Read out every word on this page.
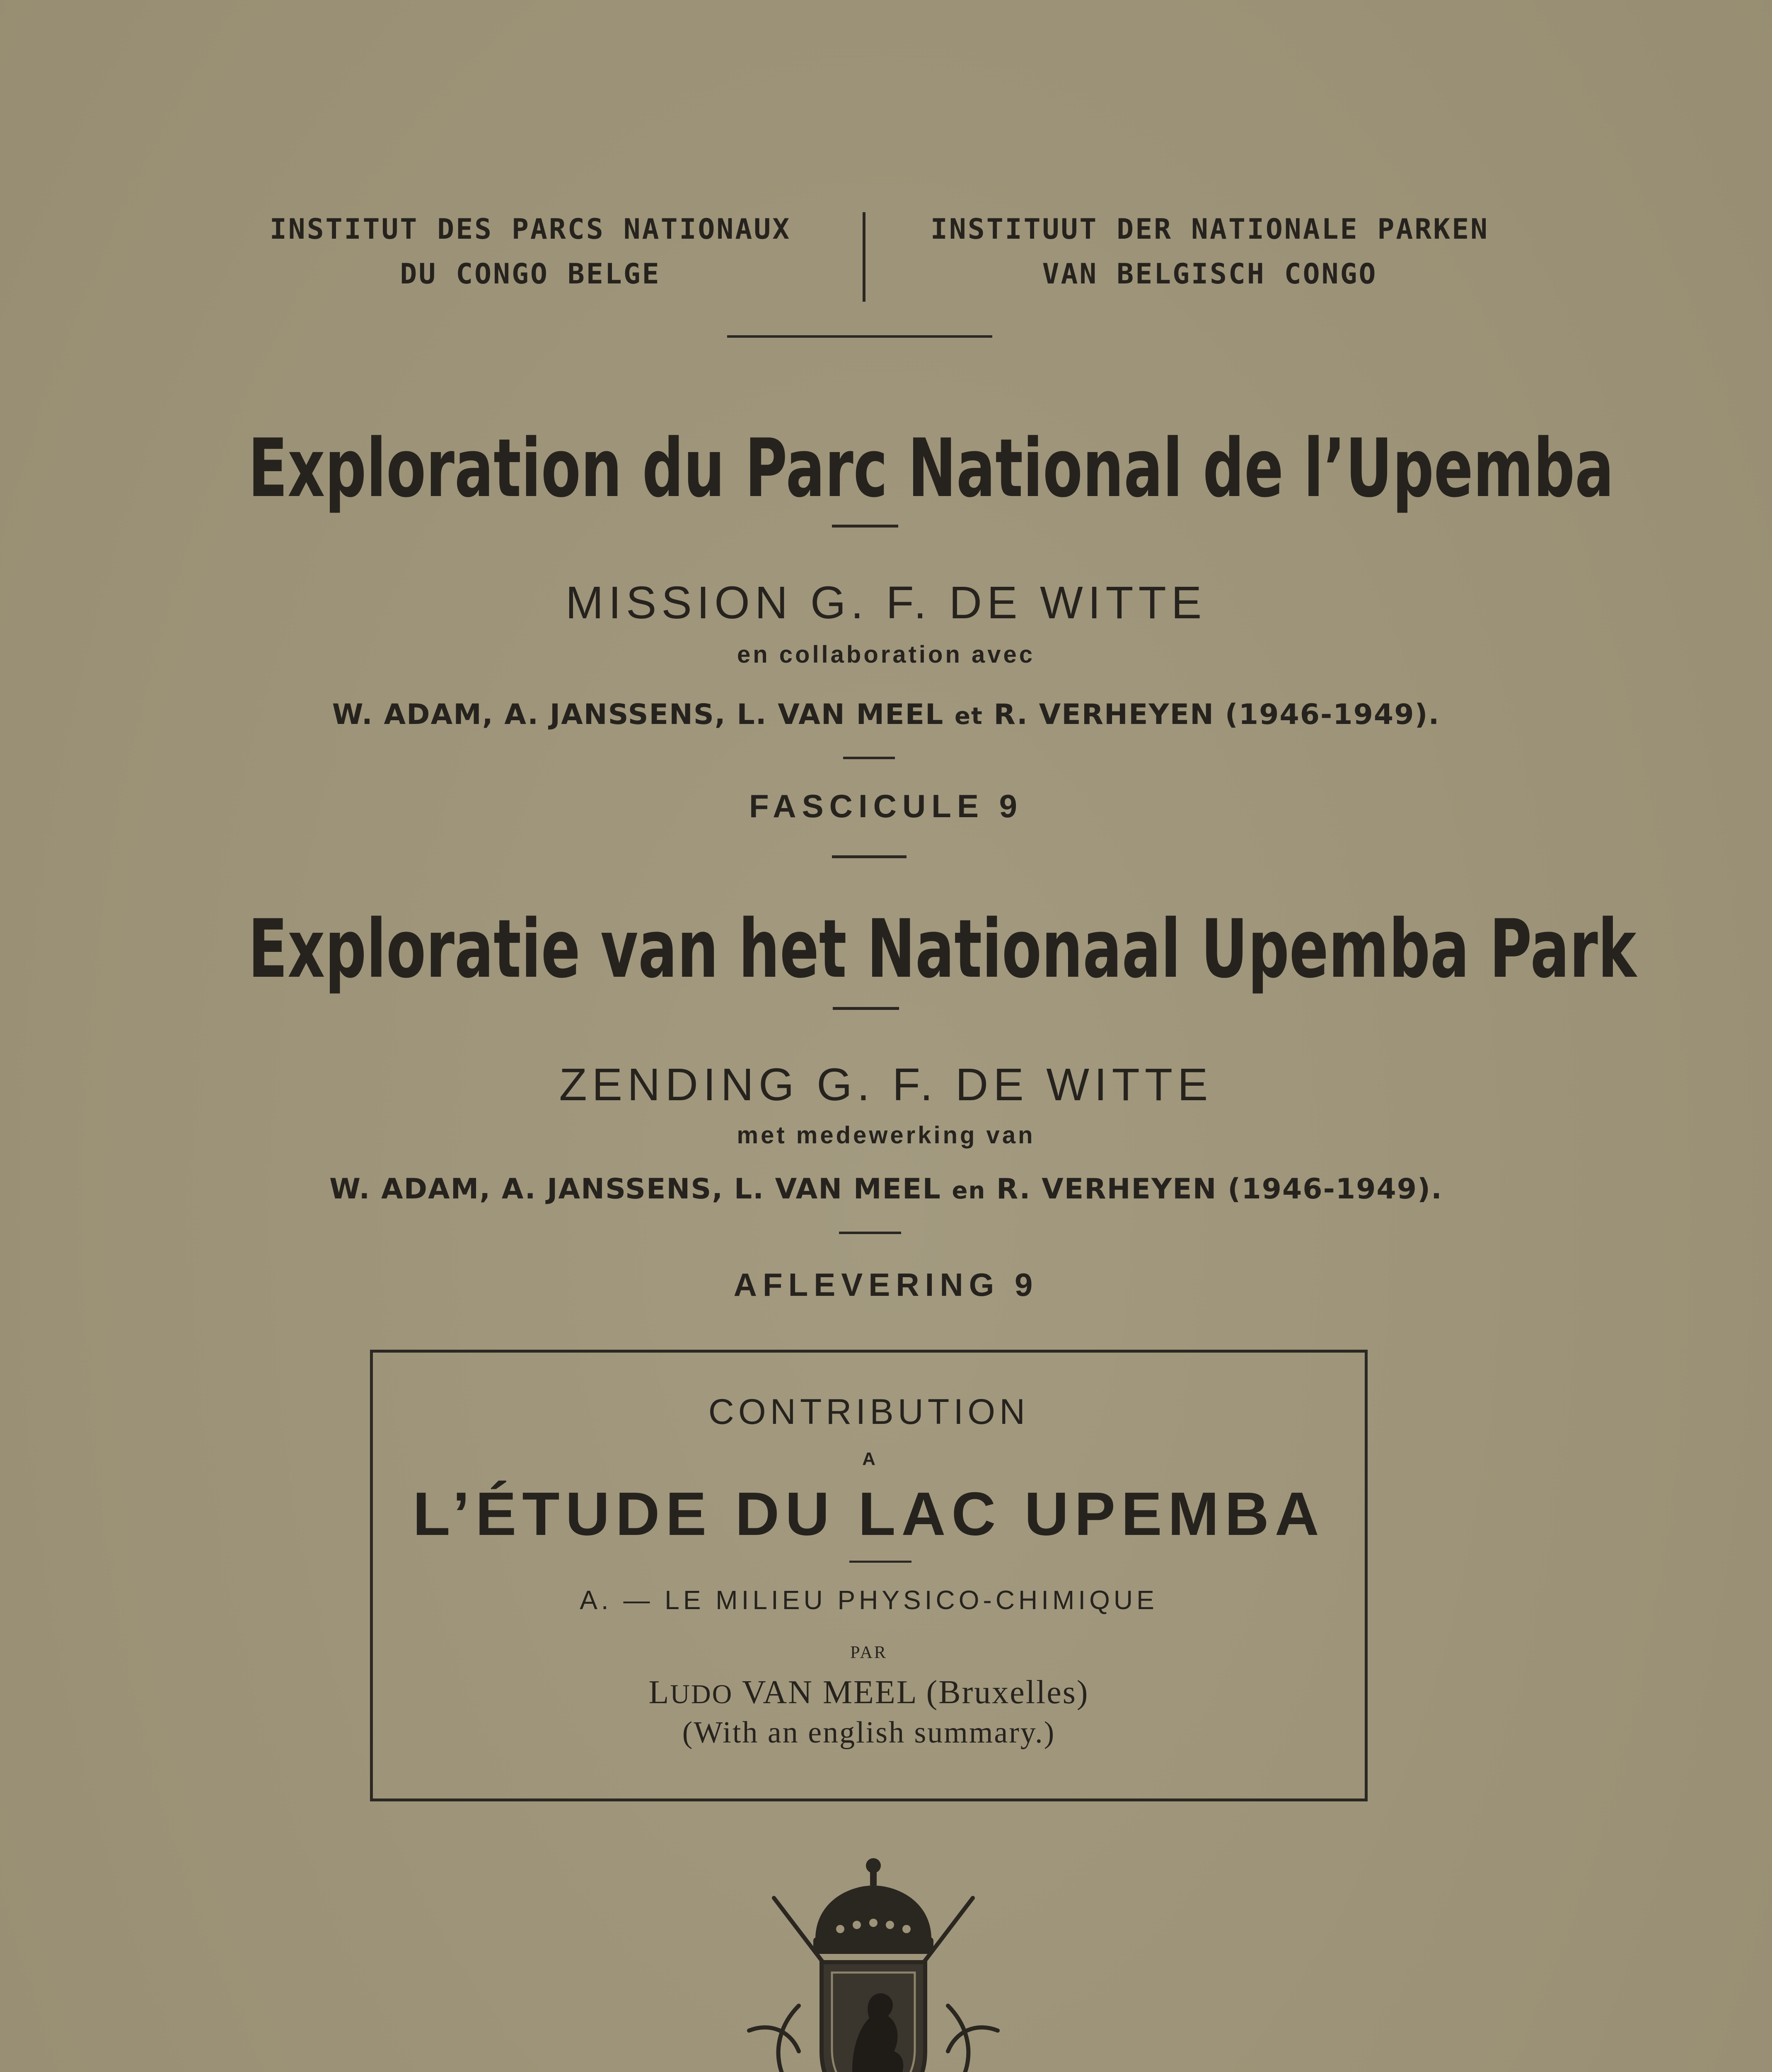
INSTITUT DES PARCS NATIONAUX
DU CONGO BELGE
INSTITUUT DER NATIONALE PARKEN
VAN BELGISCH CONGO
Exploration du Parc National de l’Upemba
MISSION G. F. DE WITTE
en collaboration avec
W. ADAM, A. JANSSENS, L. VAN MEEL et R. VERHEYEN (1946-1949).
FASCICULE 9
Exploratie van het Nationaal Upemba Park
ZENDING G. F. DE WITTE
met medewerking van
W. ADAM, A. JANSSENS, L. VAN MEEL en R. VERHEYEN (1946-1949).
AFLEVERING 9
CONTRIBUTION
A
L’ÉTUDE DU LAC UPEMBA
A. — LE MILIEU PHYSICO-CHIMIQUE
PAR
LUDO VAN MEEL (Bruxelles)
(With an english summary.)
